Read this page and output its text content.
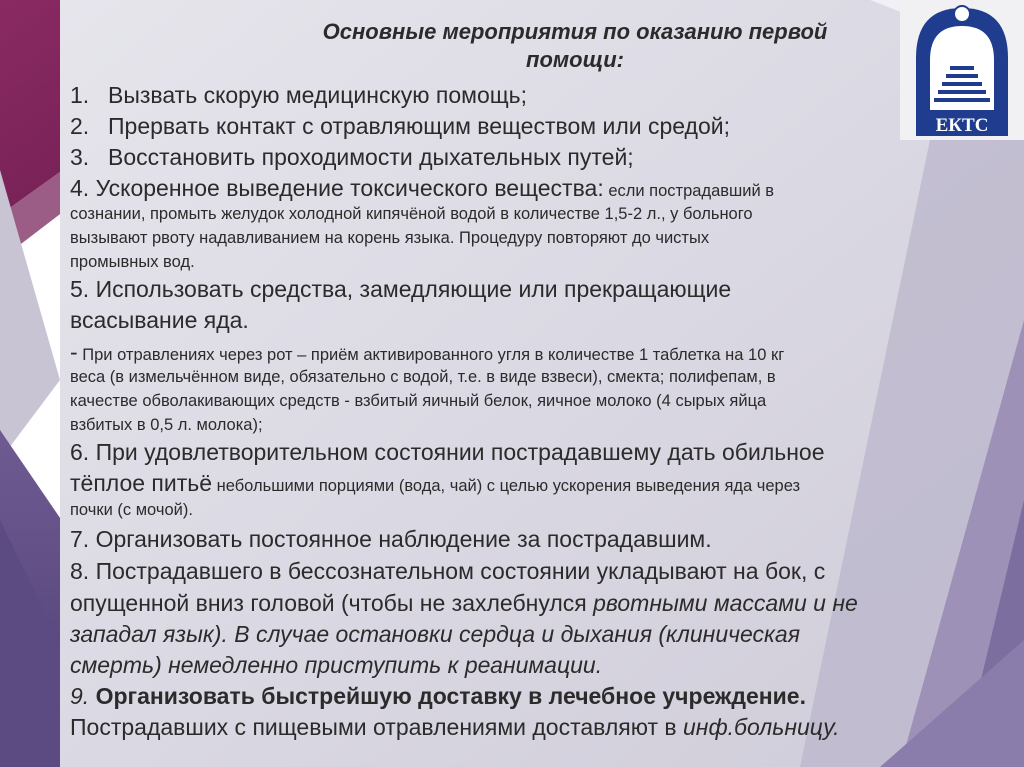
Основные мероприятия по оказанию первой
помощи:
1. Вызвать скорую медицинскую помощь;
2. Прервать контакт с отравляющим веществом или средой;
3. Восстановить проходимости дыхательных путей;
4. Ускоренное выведение токсического вещества: если пострадавший в
сознании, промыть желудок холодной кипячёной водой в количестве 1,5-2 л., у больного
вызывают рвоту надавливанием на корень языка. Процедуру повторяют до чистых
промывных вод.
5. Использовать средства, замедляющие или прекращающие
всасывание яда.
- При отравлениях через рот – приём активированного угля в количестве 1 таблетка на 10 кг
веса (в измельчённом виде, обязательно с водой, т.е. в виде взвеси), смекта; полифепам, в
качестве обволакивающих средств - взбитый яичный белок, яичное молоко (4 сырых яйца
взбитых в 0,5 л. молока);
6. При удовлетворительном состоянии пострадавшему дать обильное
тёплое питьё небольшими порциями (вода, чай) с целью ускорения выведения яда через
почки (с мочой).
7. Организовать постоянное наблюдение за пострадавшим.
8. Пострадавшего в бессознательном состоянии укладывают на бок, с
опущенной вниз головой (чтобы не захлебнулся рвотными массами и не
западал язык). В случае остановки сердца и дыхания (клиническая
смерть) немедленно приступить к реанимации.
9. Организовать быстрейшую доставку в лечебное учреждение.
Пострадавших с пищевыми отравлениями доставляют в инф.больницу.
ЕКТС
